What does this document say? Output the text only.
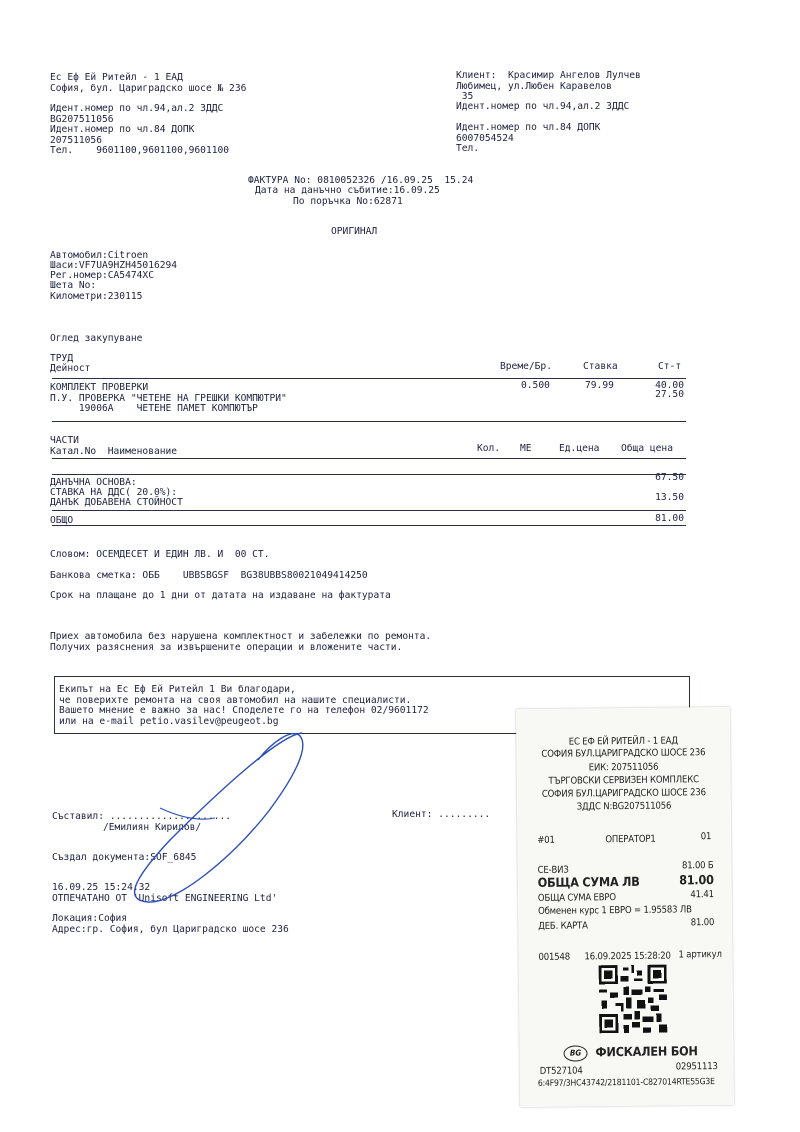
Ес Еф Ей Ритейл - 1 ЕАД
София, бул. Цариградско шосе № 236
Идент.номер по чл.94,ал.2 ЗДДС
BG207511056
Идент.номер по чл.84 ДОПК
207511056
Тел.    9601100,9601100,9601100
Клиент:  Красимир Ангелов Лулчев
Любимец, ул.Любен Каравелов
35
Идент.номер по чл.94,ал.2 ЗДДС
Идент.номер по чл.84 ДОПК
6007054524
Тел.
ФАКТУРА No: 0810052326 /16.09.25  15.24
Дата на данъчно събитие:16.09.25
По поръчка No:62871
ОРИГИНАЛ
Автомобил:Citroen
Шаси:VF7UA9HZH45016294
Рег.номер:СА5474ХС
Шета No:
Километри:230115
Оглед закупуване
ТРУД
Дейност	Време/Бр.	Ставка	Ст-т
КОМПЛЕКТ ПРОВЕРКИ	0.500	79.99	40.00
П.У. ПРОВЕРКА "ЧЕТЕНЕ НА ГРЕШКИ КОМПЮТРИ"	27.50
19006A    ЧЕТЕНЕ ПАМЕТ КОМПЮТЪР
ЧАСТИ
Катал.No  Наименование	Кол. МЕ	Ед.цена Обща цена
ДАНЪЧНА ОСНОВА:	67.50
СТАВКА НА ДДС( 20.0%):
ДАНЪК ДОБАВЕНА СТОЙНОСТ	13.50
ОБЩО	81.00
Словом: ОСЕМДЕСЕТ И ЕДИН ЛВ. И  00 СТ.
Банкова сметка: ОББ    UBBSBGSF  BG38UBBS80021049414250
Срок на плащане до 1 дни от датата на издаване на фактурата
Приех автомобила без нарушена комплектност и забележки по ремонта.
Получих разяснения за извършените операции и вложените части.
Екипът на Ес Еф Ей Ритейл 1 Ви благодари,
че поверихте ремонта на своя автомобил на нашите специалисти.
Вашето мнение е важно за нас! Споделете го на телефон 02/9601172
или на e-mail petio.vasilev@peugeot.bg
Съставил: .....................
/Емилиян Кирилов/
Клиент: .........
Създал документа:SOF_6845
16.09.25 15:24:32
ОТПЕЧАТАНО ОТ 'Unisoft ENGINEERING Ltd'
Локация:София
Адрес:гр. София, бул Цариградско шосе 236
ЕС ЕФ ЕЙ РИТЕЙЛ - 1 ЕАД
СОФИЯ БУЛ.ЦАРИГРАДСКО ШОСЕ 236
ЕИК: 207511056
ТЪРГОВСКИ СЕРВИЗЕН КОМПЛЕКС
СОФИЯ БУЛ.ЦАРИГРАДСКО ШОСЕ 236
ЗДДС N:BG207511056
#01	ОПЕРАТОР1	01
СЕ-ВИЗ	81.00 Б
ОБЩА СУМА ЛВ	81.00
ОБЩА СУМА ЕВРО	41.41
Обменен курс 1 ЕВРО = 1.95583 ЛВ
ДЕБ. КАРТА	81.00
001548 16.09.2025 15:28:20 1 артикул
BG	ФИСКАЛЕН БОН
DT527104	02951113
6:4F97/3HC43742/2181101-C827014RTE55G3E
